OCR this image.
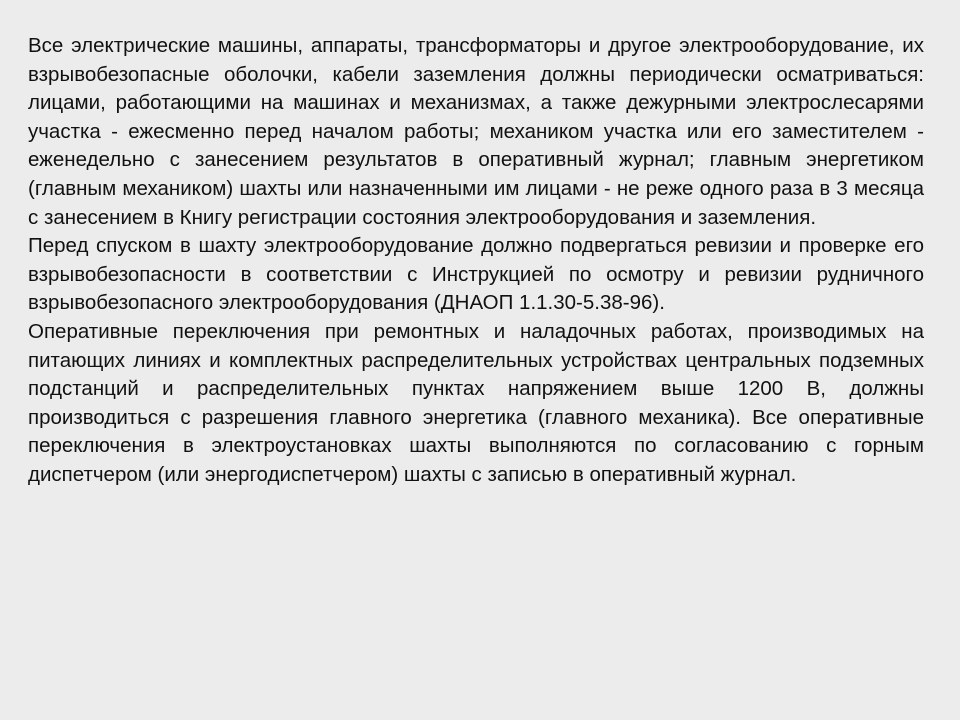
Все электрические машины, аппараты, трансформаторы и другое электрооборудование, их взрывобезопасные оболочки, кабели заземления должны периодически осматриваться: лицами, работающими на машинах и механизмах, а также дежурными электрослесарями участка - ежесменно перед началом работы; механиком участка или его заместителем - еженедельно с занесением результатов в оперативный журнал; главным энергетиком (главным механиком) шахты или назначенными им лицами - не реже одного раза в 3 месяца с занесением в Книгу регистрации состояния электрооборудования и заземления.

Перед спуском в шахту электрооборудование должно подвергаться ревизии и проверке его взрывобезопасности в соответствии с Инструкцией по осмотру и ревизии рудничного взрывобезопасного электрооборудования (ДНАОП 1.1.30-5.38-96).

Оперативные переключения при ремонтных и наладочных работах, производимых на питающих линиях и комплектных распределительных устройствах центральных подземных подстанций и распределительных пунктах напряжением выше 1200 В, должны производиться с разрешения главного энергетика (главного механика). Все оперативные переключения в электроустановках шахты выполняются по согласованию с горным диспетчером (или энергодиспетчером) шахты с записью в оперативный журнал.
